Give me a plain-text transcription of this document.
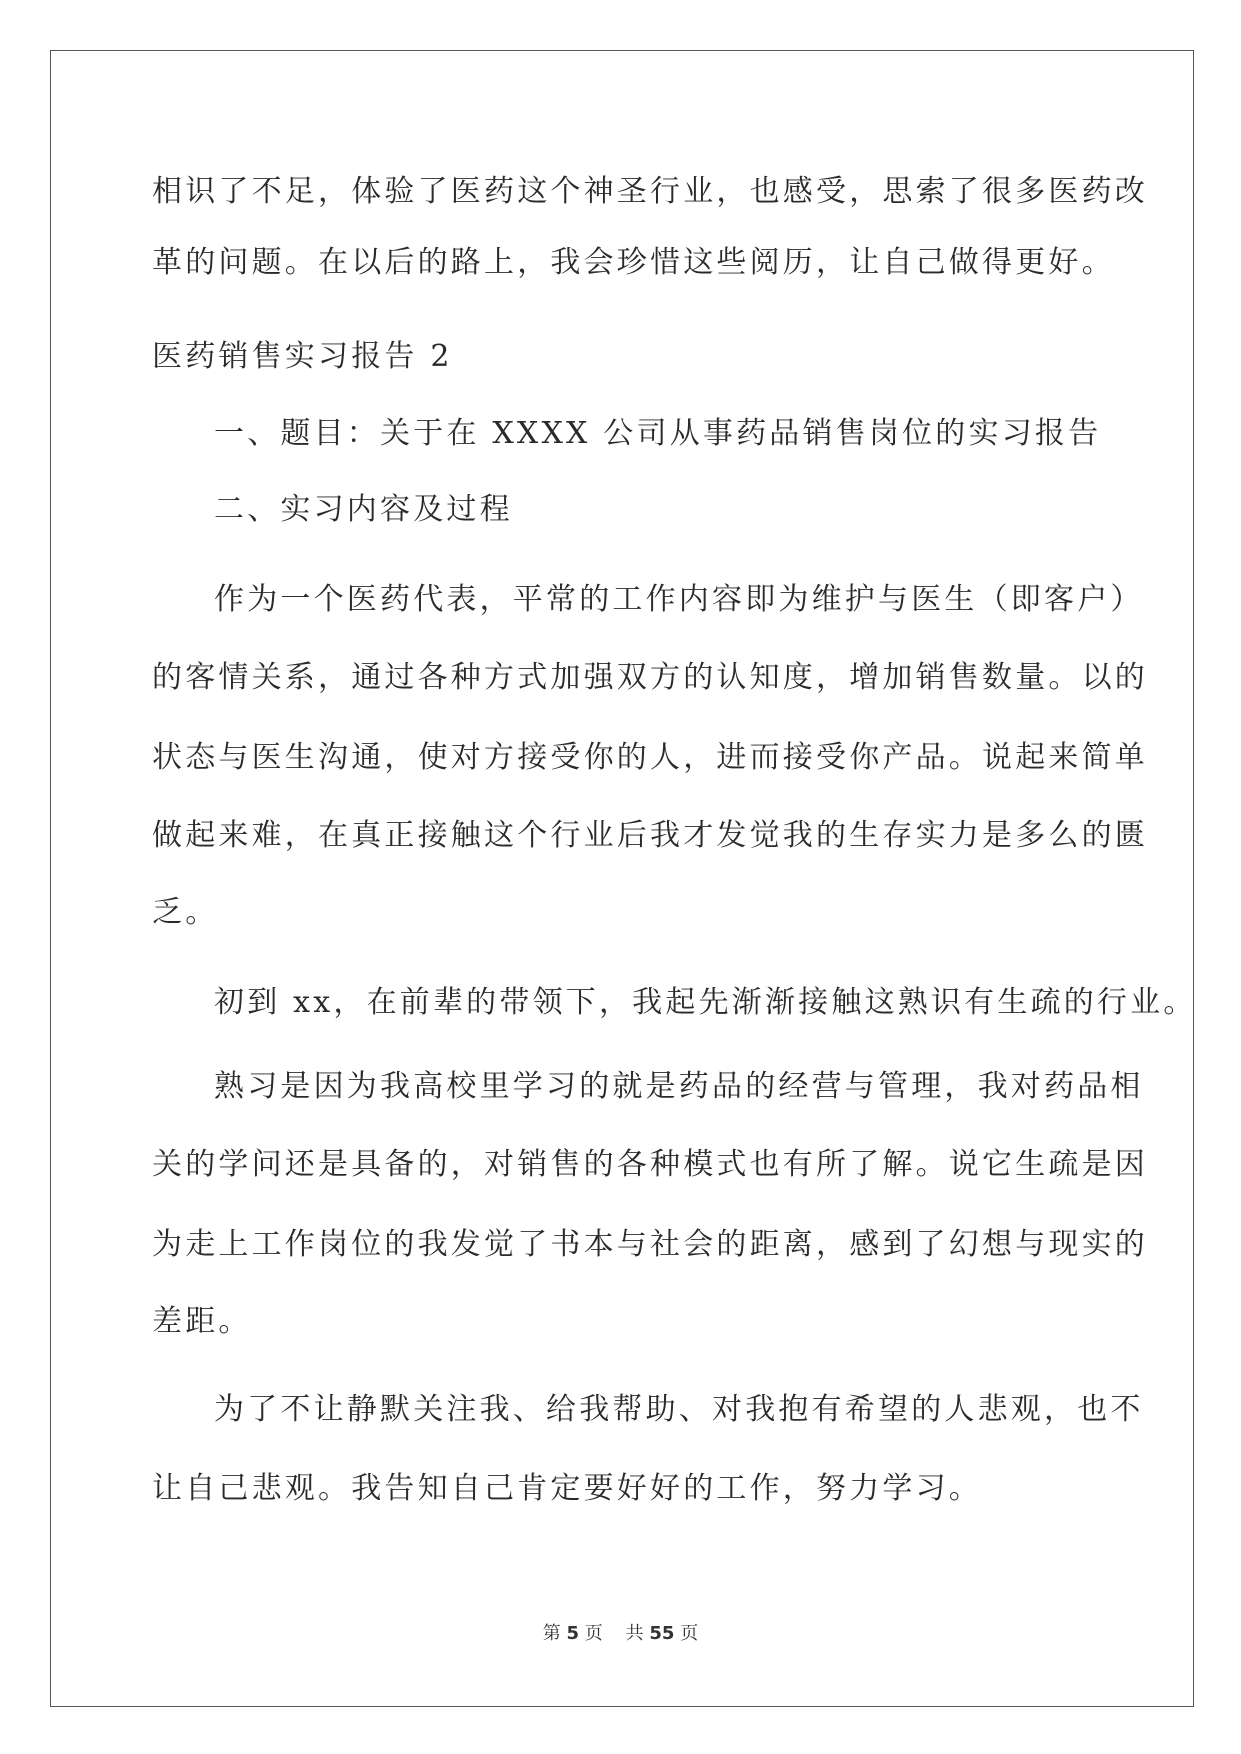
相识了不足，体验了医药这个神圣行业，也感受，思索了很多医药改
革的问题。在以后的路上，我会珍惜这些阅历，让自己做得更好。
医药销售实习报告 2
一、题目：关于在 XXXX 公司从事药品销售岗位的实习报告
二、实习内容及过程
作为一个医药代表，平常的工作内容即为维护与医生（即客户）
的客情关系，通过各种方式加强双方的认知度，增加销售数量。以的
状态与医生沟通，使对方接受你的人，进而接受你产品。说起来简单
做起来难，在真正接触这个行业后我才发觉我的生存实力是多么的匮
乏。
初到 xx，在前辈的带领下，我起先渐渐接触这熟识有生疏的行业。
熟习是因为我高校里学习的就是药品的经营与管理，我对药品相
关的学问还是具备的，对销售的各种模式也有所了解。说它生疏是因
为走上工作岗位的我发觉了书本与社会的距离，感到了幻想与现实的
差距。
为了不让静默关注我、给我帮助、对我抱有希望的人悲观，也不
让自己悲观。我告知自己肯定要好好的工作，努力学习。
第 5 页 共 55 页
